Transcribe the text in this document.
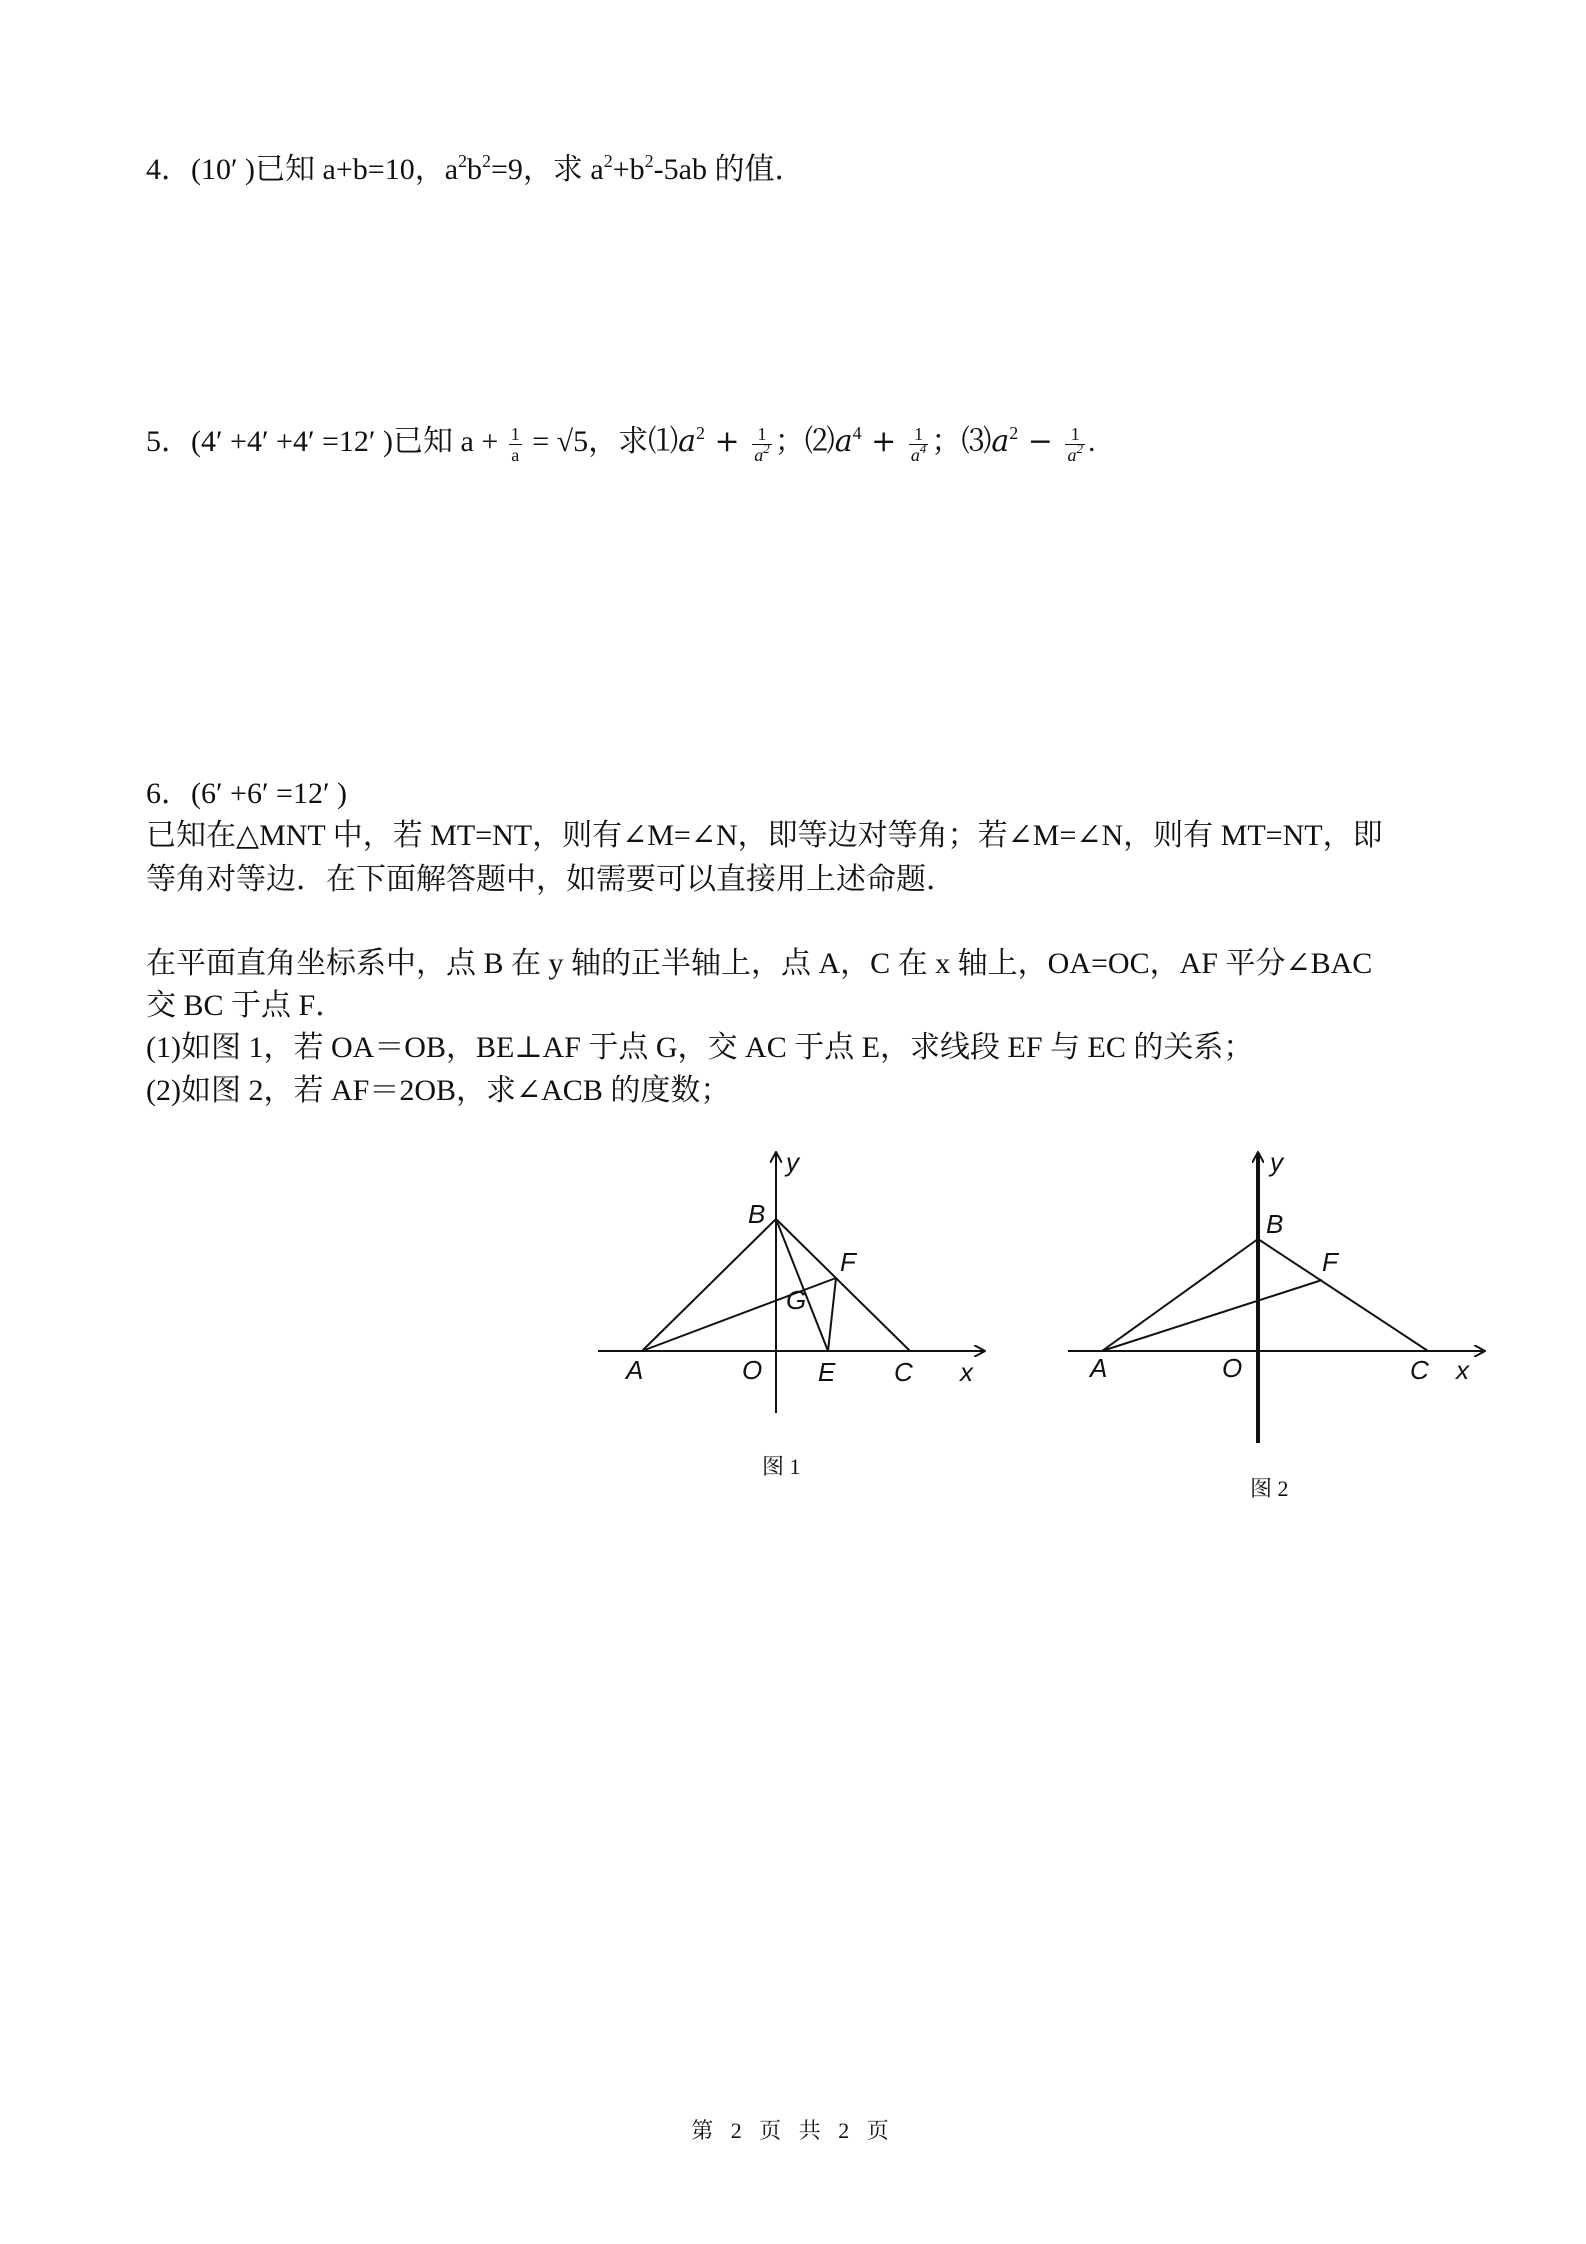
4．(10′ )已知 a+b=10，$a^2b^2=9$，求 $a^2+b^2-5ab$ 的值．
5．(4′ +4′ +4′ =12′ )已知 $a + \frac{1}{a} = √5$，求$⑴a^2 + \frac{1}{a^2}$ ；$⑵a^4 + \frac{1}{a^4}$ ；$⑶a^2 - \frac{1}{a^2}$ .
6．(6′ +6′ =12′ )
已知在△MNT 中，若 MT=NT，则有∠M=∠N，即等边对等角；若∠M=∠N，则有 MT=NT，即
等角对等边．在下面解答题中，如需要可以直接用上述命题．
在平面直角坐标系中，点 B 在 y 轴的正半轴上，点 A，C 在 x 轴上，OA=OC，AF 平分∠BAC
交 BC 于点 F．
(1)如图 1，若 OA＝OB，BE⊥AF 于点 G，交 AC 于点 E，求线段 EF 与 EC 的关系；
(2)如图 2，若 AF＝2OB，求∠ACB 的度数；
y
B
F
G
A	O E C x
图 1
y
B
F
A	O	C x
图 2
第 2 页 共 2 页
